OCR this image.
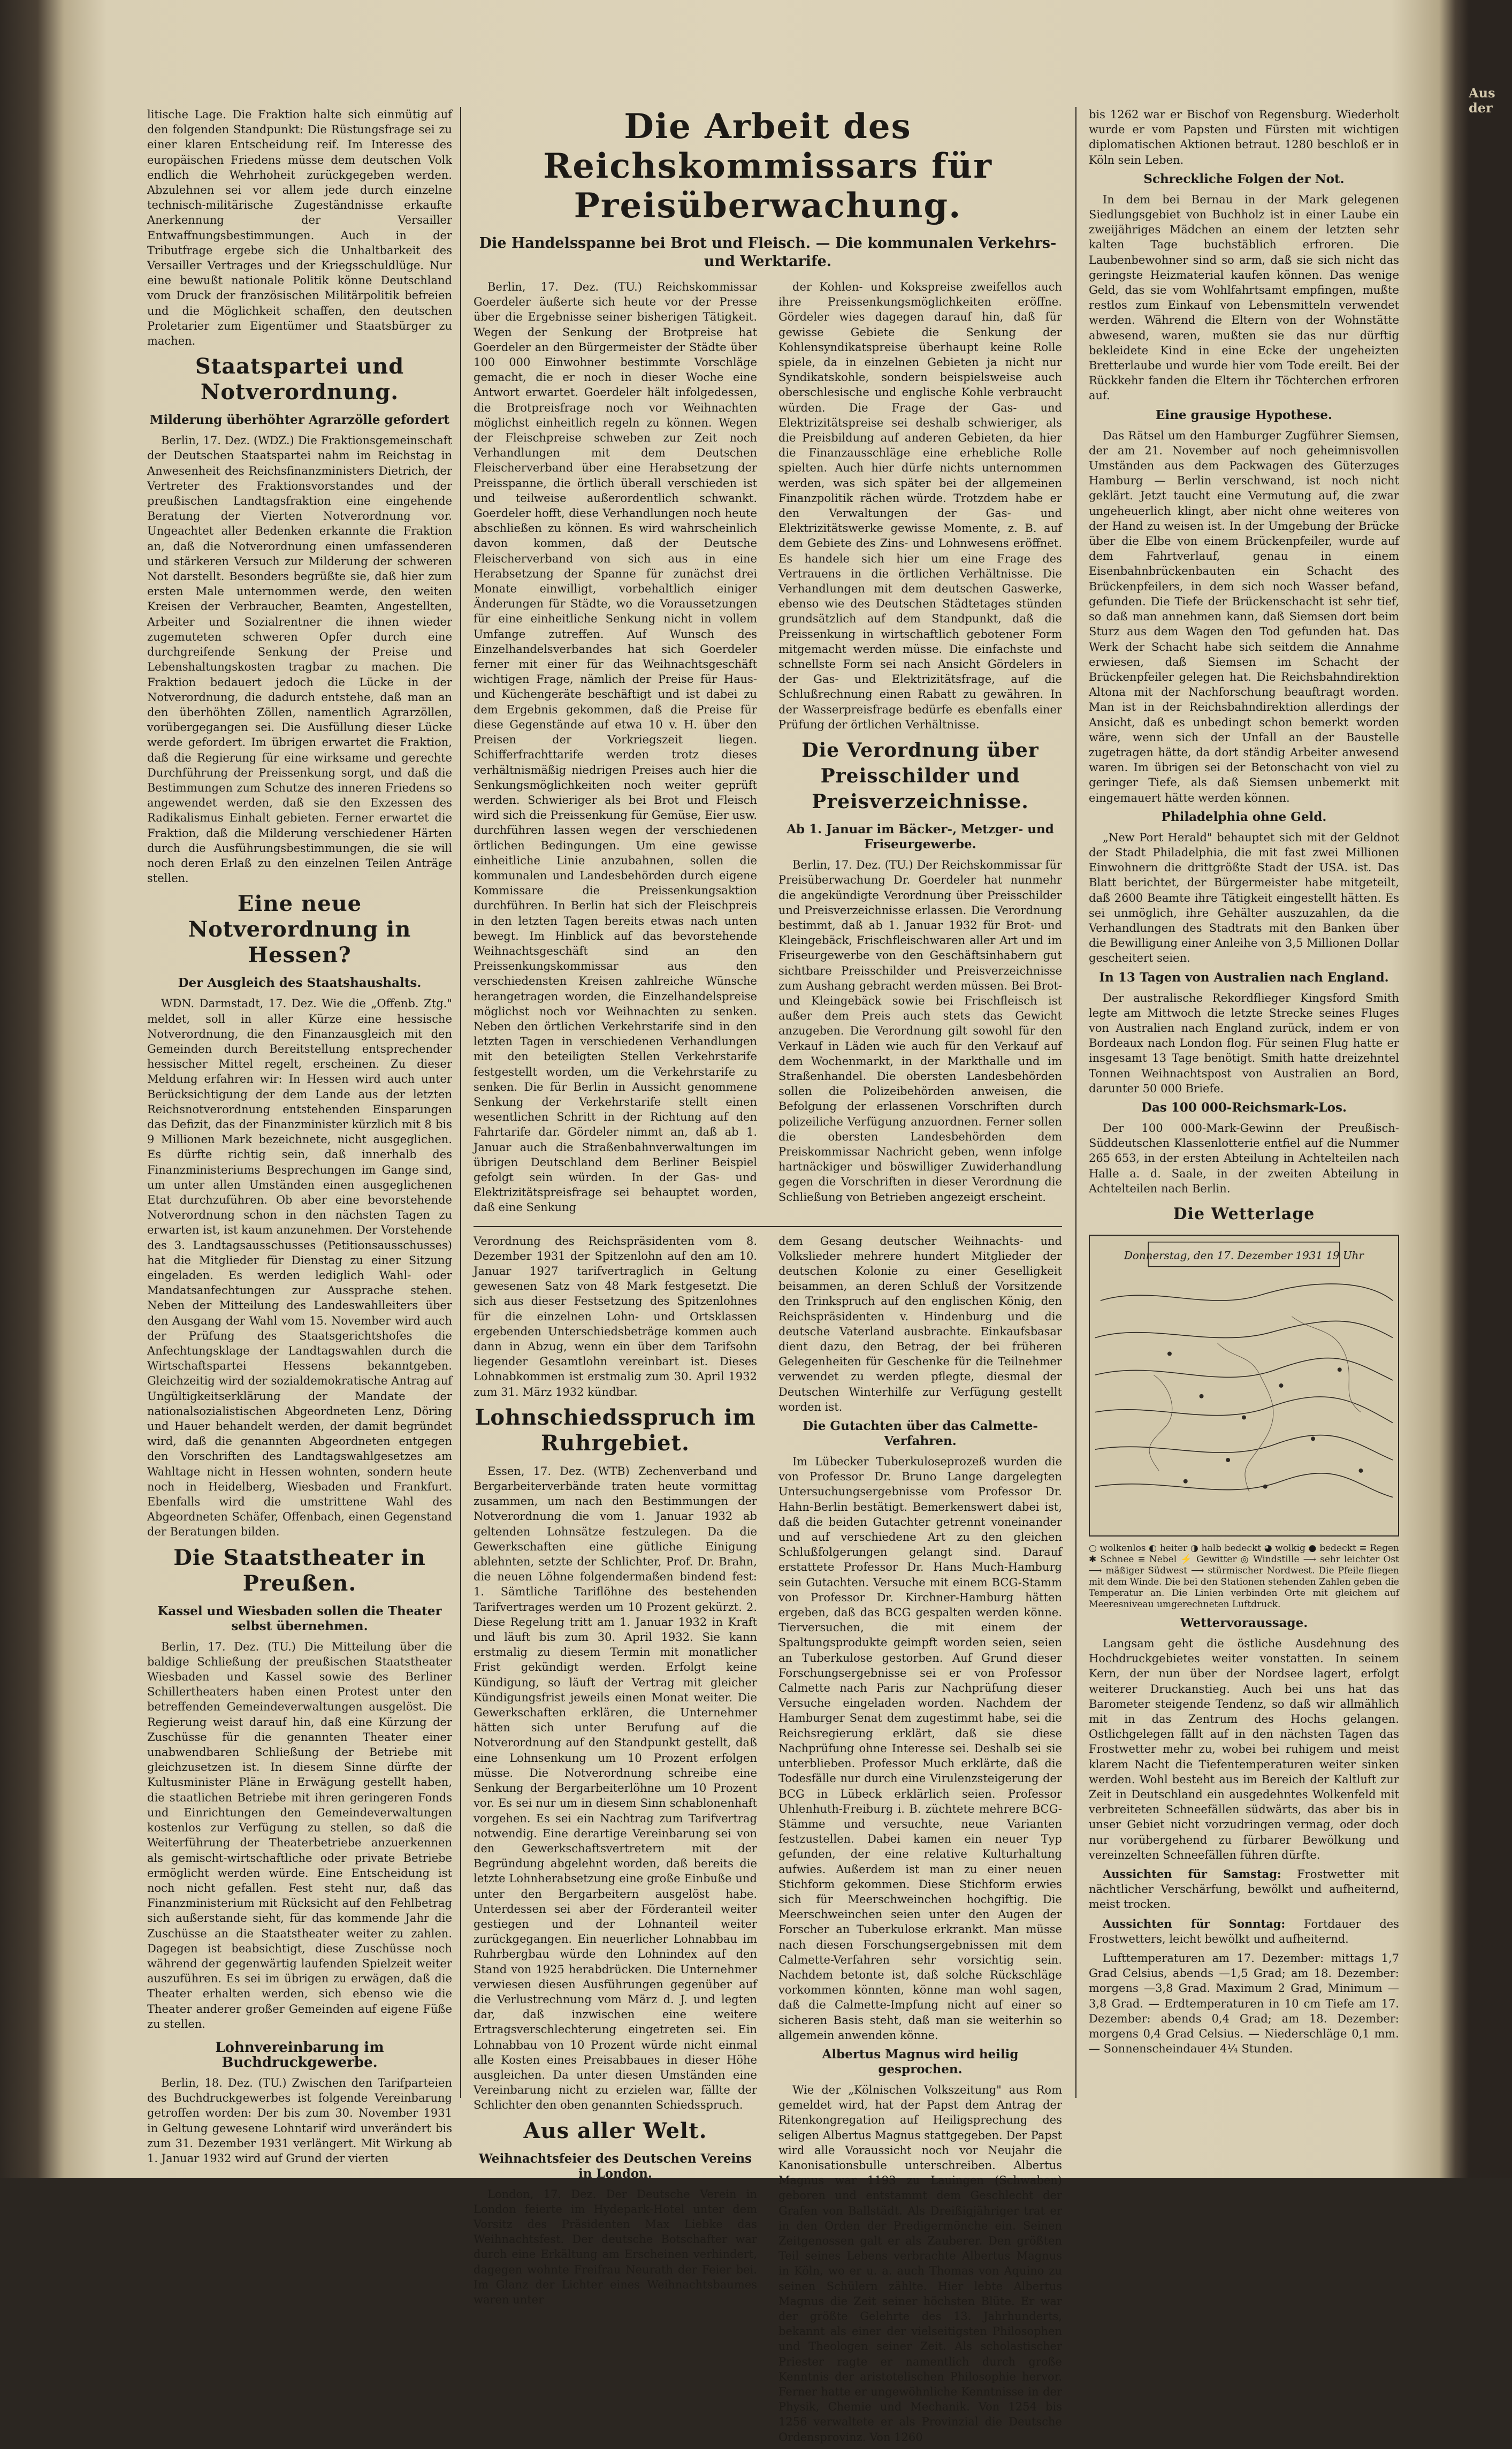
litische Lage. Die Fraktion halte sich einmütig auf den folgenden Standpunkt: Die Rüstungsfrage sei zu einer klaren Entscheidung reif. Im Interesse des europäischen Friedens müsse dem deutschen Volk endlich die Wehrhoheit zurückgegeben werden. Abzulehnen sei vor allem jede durch einzelne technisch-militärische Zugeständnisse erkaufte Anerkennung der Versailler Entwaffnungsbestimmungen. Auch in der Tributfrage ergebe sich die Unhaltbarkeit des Versailler Vertrages und der Kriegsschuldlüge. Nur eine bewußt nationale Politik könne Deutschland vom Druck der französischen Militärpolitik befreien und die Möglichkeit schaffen, den deutschen Proletarier zum Eigentümer und Staatsbürger zu machen.

Staatspartei und Notverordnung.
Milderung überhöhter Agrarzölle gefordert

Berlin, 17. Dez. (WDZ.) Die Fraktionsgemeinschaft der Deutschen Staatspartei nahm im Reichstag in Anwesenheit des Reichsfinanzministers Dietrich, der Vertreter des Fraktionsvorstandes und der preußischen Landtagsfraktion eine eingehende Beratung der Vierten Notverordnung vor. Ungeachtet aller Bedenken erkannte die Fraktion an, daß die Notverordnung einen umfassenderen und stärkeren Versuch zur Milderung der schweren Not darstellt. Besonders begrüßte sie, daß hier zum ersten Male unternommen werde, den weiten Kreisen der Verbraucher, Beamten, Angestellten, Arbeiter und Sozialrentner die ihnen wieder zugemuteten schweren Opfer durch eine durchgreifende Senkung der Preise und Lebenshaltungskosten tragbar zu machen. Die Fraktion bedauert jedoch die Lücke in der Notverordnung, die dadurch entstehe, daß man an den überhöhten Zöllen, namentlich Agrarzöllen, vorübergegangen sei. Die Ausfüllung dieser Lücke werde gefordert. Im übrigen erwartet die Fraktion, daß die Regierung für eine wirksame und gerechte Durchführung der Preissenkung sorgt, und daß die Bestimmungen zum Schutze des inneren Friedens so angewendet werden, daß sie den Exzessen des Radikalismus Einhalt gebieten. Ferner erwartet die Fraktion, daß die Milderung verschiedener Härten durch die Ausführungsbestimmungen, die sie will noch deren Erlaß zu den einzelnen Teilen Anträge stellen.

Eine neue Notverordnung in Hessen?
Der Ausgleich des Staatshaushalts.

WDN. Darmstadt, 17. Dez. Wie die „Offenb. Ztg." meldet, soll in aller Kürze eine hessische Notverordnung, die den Finanzausgleich mit den Gemeinden durch Bereitstellung entsprechender hessischer Mittel regelt, erscheinen. Zu dieser Meldung erfahren wir: In Hessen wird auch unter Berücksichtigung der dem Lande aus der letzten Reichsnotverordnung entstehenden Einsparungen das Defizit, das der Finanzminister kürzlich mit 8 bis 9 Millionen Mark bezeichnete, nicht ausgeglichen. Es dürfte richtig sein, daß innerhalb des Finanzministeriums Besprechungen im Gange sind, um unter allen Umständen einen ausgeglichenen Etat durchzuführen. Ob aber eine bevorstehende Notverordnung schon in den nächsten Tagen zu erwarten ist, ist kaum anzunehmen. Der Vorstehende des 3. Landtagsausschusses (Petitionsausschusses) hat die Mitglieder für Dienstag zu einer Sitzung eingeladen. Es werden lediglich Wahl- oder Mandatsanfechtungen zur Aussprache stehen. Neben der Mitteilung des Landeswahlleiters über den Ausgang der Wahl vom 15. November wird auch der Prüfung des Staatsgerichtshofes die Anfechtungsklage der Landtagswahlen durch die Wirtschaftspartei Hessens bekanntgeben. Gleichzeitig wird der sozialdemokratische Antrag auf Ungültigkeitserklärung der Mandate der nationalsozialistischen Abgeordneten Lenz, Döring und Hauer behandelt werden, der damit begründet wird, daß die genannten Abgeordneten entgegen den Vorschriften des Landtagswahlgesetzes am Wahltage nicht in Hessen wohnten, sondern heute noch in Heidelberg, Wiesbaden und Frankfurt. Ebenfalls wird die umstrittene Wahl des Abgeordneten Schäfer, Offenbach, einen Gegenstand der Beratungen bilden.

Die Staatstheater in Preußen.
Kassel und Wiesbaden sollen die Theater selbst übernehmen.

Berlin, 17. Dez. (TU.) Die Mitteilung über die baldige Schließung der preußischen Staatstheater Wiesbaden und Kassel sowie des Berliner Schillertheaters haben einen Protest unter den betreffenden Gemeindeverwaltungen ausgelöst. Die Regierung weist darauf hin, daß eine Kürzung der Zuschüsse für die genannten Theater einer unabwendbaren Schließung der Betriebe mit gleichzusetzen ist. In diesem Sinne dürfte der Kultusminister Pläne in Erwägung gestellt haben, die staatlichen Betriebe mit ihren geringeren Fonds und Einrichtungen den Gemeindeverwaltungen kostenlos zur Verfügung zu stellen, so daß die Weiterführung der Theaterbetriebe anzuerkennen als gemischt-wirtschaftliche oder private Betriebe ermöglicht werden würde. Eine Entscheidung ist noch nicht gefallen. Fest steht nur, daß das Finanzministerium mit Rücksicht auf den Fehlbetrag sich außerstande sieht, für das kommende Jahr die Zuschüsse an die Staatstheater weiter zu zahlen. Dagegen ist beabsichtigt, diese Zuschüsse noch während der gegenwärtig laufenden Spielzeit weiter auszuführen. Es sei im übrigen zu erwägen, daß die Theater erhalten werden, sich ebenso wie die Theater anderer großer Gemeinden auf eigene Füße zu stellen.

Lohnvereinbarung im Buchdruckgewerbe.

Berlin, 18. Dez. (TU.) Zwischen den Tarifparteien des Buchdruckgewerbes ist folgende Vereinbarung getroffen worden: Der bis zum 30. November 1931 in Geltung gewesene Lohntarif wird unverändert bis zum 31. Dezember 1931 verlängert. Mit Wirkung ab 1. Januar 1932 wird auf Grund der vierten

Die Arbeit des Reichskommissars für Preisüberwachung.
Die Handelsspanne bei Brot und Fleisch. — Die kommunalen Verkehrs- und Werktarife.

Berlin, 17. Dez. (TU.) Reichskommissar Goerdeler äußerte sich heute vor der Presse über die Ergebnisse seiner bisherigen Tätigkeit. Wegen der Senkung der Brotpreise hat Goerdeler an den Bürgermeister der Städte über 100 000 Einwohner bestimmte Vorschläge gemacht, die er noch in dieser Woche eine Antwort erwartet. Goerdeler hält infolgedessen, die Brotpreisfrage noch vor Weihnachten möglichst einheitlich regeln zu können. Wegen der Fleischpreise schweben zur Zeit noch Verhandlungen mit dem Deutschen Fleischerverband über eine Herabsetzung der Preisspanne, die örtlich überall verschieden ist und teilweise außerordentlich schwankt. Goerdeler hofft, diese Verhandlungen noch heute abschließen zu können. Es wird wahrscheinlich davon kommen, daß der Deutsche Fleischerverband von sich aus in eine Herabsetzung der Spanne für zunächst drei Monate einwilligt, vorbehaltlich einiger Änderungen für Städte, wo die Voraussetzungen für eine einheitliche Senkung nicht in vollem Umfange zutreffen. Auf Wunsch des Einzelhandelsverbandes hat sich Goerdeler ferner mit einer für das Weihnachtsgeschäft wichtigen Frage, nämlich der Preise für Haus- und Küchengeräte beschäftigt und ist dabei zu dem Ergebnis gekommen, daß die Preise für diese Gegenstände auf etwa 10 v. H. über den Preisen der Vorkriegszeit liegen. Schifferfrachttarife werden trotz dieses verhältnismäßig niedrigen Preises auch hier die Senkungsmöglichkeiten noch weiter geprüft werden. Schwieriger als bei Brot und Fleisch wird sich die Preissenkung für Gemüse, Eier usw. durchführen lassen wegen der verschiedenen örtlichen Bedingungen. Um eine gewisse einheitliche Linie anzubahnen, sollen die kommunalen und Landesbehörden durch eigene Kommissare die Preissenkungsaktion durchführen. In Berlin hat sich der Fleischpreis in den letzten Tagen bereits etwas nach unten bewegt. Im Hinblick auf das bevorstehende Weihnachtsgeschäft sind an den Preissenkungskommissar aus den verschiedensten Kreisen zahlreiche Wünsche herangetragen worden, die Einzelhandelspreise möglichst noch vor Weihnachten zu senken. Neben den örtlichen Verkehrstarife sind in den letzten Tagen in verschiedenen Verhandlungen mit den beteiligten Stellen Verkehrstarife festgestellt worden, um die Verkehrstarife zu senken. Die für Berlin in Aussicht genommene Senkung der Verkehrstarife stellt einen wesentlichen Schritt in der Richtung auf den Fahrtarife dar. Gördeler nimmt an, daß ab 1. Januar auch die Straßenbahnverwaltungen im übrigen Deutschland dem Berliner Beispiel gefolgt sein würden. In der Gas- und Elektrizitätspreisfrage sei behauptet worden, daß eine Senkung

der Kohlen- und Kokspreise zweifellos auch ihre Preissenkungsmöglichkeiten eröffne. Gördeler wies dagegen darauf hin, daß für gewisse Gebiete die Senkung der Kohlensyndikatspreise überhaupt keine Rolle spiele, da in einzelnen Gebieten ja nicht nur Syndikatskohle, sondern beispielsweise auch oberschlesische und englische Kohle verbraucht würden. Die Frage der Gas- und Elektrizitätspreise sei deshalb schwieriger, als die Preisbildung auf anderen Gebieten, da hier die Finanzausschläge eine erhebliche Rolle spielten. Auch hier dürfe nichts unternommen werden, was sich später bei der allgemeinen Finanzpolitik rächen würde. Trotzdem habe er den Verwaltungen der Gas- und Elektrizitätswerke gewisse Momente, z. B. auf dem Gebiete des Zins- und Lohnwesens eröffnet. Es handele sich hier um eine Frage des Vertrauens in die örtlichen Verhältnisse. Die Verhandlungen mit dem deutschen Gaswerke, ebenso wie des Deutschen Städtetages stünden grundsätzlich auf dem Standpunkt, daß die Preissenkung in wirtschaftlich gebotener Form mitgemacht werden müsse. Die einfachste und schnellste Form sei nach Ansicht Gördelers in der Gas- und Elektrizitätsfrage, auf die Schlußrechnung einen Rabatt zu gewähren. In der Wasserpreisfrage bedürfe es ebenfalls einer Prüfung der örtlichen Verhältnisse.

Die Verordnung über Preisschilder und Preisverzeichnisse.
Ab 1. Januar im Bäcker-, Metzger- und Friseurgewerbe.

Berlin, 17. Dez. (TU.) Der Reichskommissar für Preisüberwachung Dr. Goerdeler hat nunmehr die angekündigte Verordnung über Preisschilder und Preisverzeichnisse erlassen. Die Verordnung bestimmt, daß ab 1. Januar 1932 für Brot- und Kleingebäck, Frischfleischwaren aller Art und im Friseurgewerbe von den Geschäftsinhabern gut sichtbare Preisschilder und Preisverzeichnisse zum Aushang gebracht werden müssen. Bei Brot- und Kleingebäck sowie bei Frischfleisch ist außer dem Preis auch stets das Gewicht anzugeben. Die Verordnung gilt sowohl für den Verkauf in Läden wie auch für den Verkauf auf dem Wochenmarkt, in der Markthalle und im Straßenhandel. Die obersten Landesbehörden sollen die Polizeibehörden anweisen, die Befolgung der erlassenen Vorschriften durch polizeiliche Verfügung anzuordnen. Ferner sollen die obersten Landesbehörden dem Preiskommissar Nachricht geben, wenn infolge hartnäckiger und böswilliger Zuwiderhandlung gegen die Vorschriften in dieser Verordnung die Schließung von Betrieben angezeigt erscheint.

Verordnung des Reichspräsidenten vom 8. Dezember 1931 der Spitzenlohn auf den am 10. Januar 1927 tarifvertraglich in Geltung gewesenen Satz von 48 Mark festgesetzt. Die sich aus dieser Festsetzung des Spitzenlohnes für die einzelnen Lohn- und Ortsklassen ergebenden Unterschiedsbeträge kommen auch dann in Abzug, wenn ein über dem Tarifsohn liegender Gesamtlohn vereinbart ist. Dieses Lohnabkommen ist erstmalig zum 30. April 1932 zum 31. März 1932 kündbar.

Lohnschiedsspruch im Ruhrgebiet.

Essen, 17. Dez. (WTB) Zechenverband und Bergarbeiterverbände traten heute vormittag zusammen, um nach den Bestimmungen der Notverordnung die vom 1. Januar 1932 ab geltenden Lohnsätze festzulegen. Da die Gewerkschaften eine gütliche Einigung ablehnten, setzte der Schlichter, Prof. Dr. Brahn, die neuen Löhne folgendermaßen bindend fest: 1. Sämtliche Tariflöhne des bestehenden Tarifvertrages werden um 10 Prozent gekürzt. 2. Diese Regelung tritt am 1. Januar 1932 in Kraft und läuft bis zum 30. April 1932. Sie kann erstmalig zu diesem Termin mit monatlicher Frist gekündigt werden. Erfolgt keine Kündigung, so läuft der Vertrag mit gleicher Kündigungsfrist jeweils einen Monat weiter. Die Gewerkschaften erklären, die Unternehmer hätten sich unter Berufung auf die Notverordnung auf den Standpunkt gestellt, daß eine Lohnsenkung um 10 Prozent erfolgen müsse. Die Notverordnung schreibe eine Senkung der Bergarbeiterlöhne um 10 Prozent vor. Es sei nur um in diesem Sinn schablonenhaft vorgehen. Es sei ein Nachtrag zum Tarifvertrag notwendig. Eine derartige Vereinbarung sei von den Gewerkschaftsvertretern mit der Begründung abgelehnt worden, daß bereits die letzte Lohnherabsetzung eine große Einbuße und unter den Bergarbeitern ausgelöst habe. Unterdessen sei aber der Förderanteil weiter gestiegen und der Lohnanteil weiter zurückgegangen. Ein neuerlicher Lohnabbau im Ruhrbergbau würde den Lohnindex auf den Stand von 1925 herabdrücken. Die Unternehmer verwiesen diesen Ausführungen gegenüber auf die Verlustrechnung vom März d. J. und legten dar, daß inzwischen eine weitere Ertragsverschlechterung eingetreten sei. Ein Lohnabbau von 10 Prozent würde nicht einmal alle Kosten eines Preisabbaues in dieser Höhe ausgleichen. Da unter diesen Umständen eine Vereinbarung nicht zu erzielen war, fällte der Schlichter den oben genannten Schiedsspruch.

Aus aller Welt.
Weihnachtsfeier des Deutschen Vereins in London.

London, 17. Dez. Der Deutsche Verein in London feierte im Hydepark-Hotel unter dem Vorsitz des Präsidenten Max Liebke das Weihnachtsfest. Der deutsche Botschafter war durch eine Erkältung am Erscheinen verhindert, dagegen wohnte Freifrau Neurath der Feier bei. Im Glanz der Lichter eines Weihnachtsbaumes waren unter

dem Gesang deutscher Weihnachts- und Volkslieder mehrere hundert Mitglieder der deutschen Kolonie zu einer Geselligkeit beisammen, an deren Schluß der Vorsitzende den Trinkspruch auf den englischen König, den Reichspräsidenten v. Hindenburg und die deutsche Vaterland ausbrachte. Einkaufsbasar dient dazu, den Betrag, der bei früheren Gelegenheiten für Geschenke für die Teilnehmer verwendet zu werden pflegte, diesmal der Deutschen Winterhilfe zur Verfügung gestellt worden ist.

Die Gutachten über das Calmette-Verfahren.

Im Lübecker Tuberkuloseprozeß wurden die von Professor Dr. Bruno Lange dargelegten Untersuchungsergebnisse vom Professor Dr. Hahn-Berlin bestätigt. Bemerkenswert dabei ist, daß die beiden Gutachter getrennt voneinander und auf verschiedene Art zu den gleichen Schlußfolgerungen gelangt sind. Darauf erstattete Professor Dr. Hans Much-Hamburg sein Gutachten. Versuche mit einem BCG-Stamm von Professor Dr. Kirchner-Hamburg hätten ergeben, daß das BCG gespalten werden könne. Tierversuchen, die mit einem der Spaltungsprodukte geimpft worden seien, seien an Tuberkulose gestorben. Auf Grund dieser Forschungsergebnisse sei er von Professor Calmette nach Paris zur Nachprüfung dieser Versuche eingeladen worden. Nachdem der Hamburger Senat dem zugestimmt habe, sei die Reichsregierung erklärt, daß sie diese Nachprüfung ohne Interesse sei. Deshalb sei sie unterblieben. Professor Much erklärte, daß die Todesfälle nur durch eine Virulenzsteigerung der BCG in Lübeck erklärlich seien. Professor Uhlenhuth-Freiburg i. B. züchtete mehrere BCG-Stämme und versuchte, neue Varianten festzustellen. Dabei kamen ein neuer Typ gefunden, der eine relative Kulturhaltung aufwies. Außerdem ist man zu einer neuen Stichform gekommen. Diese Stichform erwies sich für Meerschweinchen hochgiftig. Die Meerschweinchen seien unter den Augen der Forscher an Tuberkulose erkrankt. Man müsse nach diesen Forschungsergebnissen mit dem Calmette-Verfahren sehr vorsichtig sein. Nachdem betonte ist, daß solche Rückschläge vorkommen könnten, könne man wohl sagen, daß die Calmette-Impfung nicht auf einer so sicheren Basis steht, daß man sie weiterhin so allgemein anwenden könne.

Albertus Magnus wird heilig gesprochen.

Wie der „Kölnischen Volkszeitung" aus Rom gemeldet wird, hat der Papst dem Antrag der Ritenkongregation auf Heiligsprechung des seligen Albertus Magnus stattgegeben. Der Papst wird alle Voraussicht noch vor Neujahr die Kanonisationsbulle unterschreiben. Albertus Magnus war 1193 zu Lauingen (Schwaben) geboren und entstammt dem Geschlecht der Grafen von Ballstädt. Als Dreißigjähriger trat er in den Orden der Predigermönche ein. Seinen Zeitgenossen galt er als Zauberer. Den größten Teil seines Lebens verbrachte Albertus Magnus in Köln, wo er u. a. auch Thomas von Aquino zu seinen Schülern zählte. Hier lebte Albertus Magnus die Zeit seiner höchsten Blüte. Er war der größte Gelehrte des 13. Jahrhunderts, bekannt als einer der vielseitigsten Philosophen und Theologen seiner Zeit. Als scholastischer Priester ragte er namentlich durch große Kenntnis der aristotelischen Philosophie hervor. Ferner hatte er ungewöhnliche Kenntnisse in der Physik, Chemie und Mechanik. Von 1254 bis 1256 verwaltete er als Provinzial die Deutsche Ordensprovinz. Von 1260

bis 1262 war er Bischof von Regensburg. Wiederholt wurde er vom Papsten und Fürsten mit wichtigen diplomatischen Aktionen betraut. 1280 beschloß er in Köln sein Leben.

Schreckliche Folgen der Not.

In dem bei Bernau in der Mark gelegenen Siedlungsgebiet von Buchholz ist in einer Laube ein zweijähriges Mädchen an einem der letzten sehr kalten Tage buchstäblich erfroren. Die Laubenbewohner sind so arm, daß sie sich nicht das geringste Heizmaterial kaufen können. Das wenige Geld, das sie vom Wohlfahrtsamt empfingen, mußte restlos zum Einkauf von Lebensmitteln verwendet werden. Während die Eltern von der Wohnstätte abwesend, waren, mußten sie das nur dürftig bekleidete Kind in eine Ecke der ungeheizten Bretterlaube und wurde hier vom Tode ereilt. Bei der Rückkehr fanden die Eltern ihr Töchterchen erfroren auf.

Eine grausige Hypothese.

Das Rätsel um den Hamburger Zugführer Siemsen, der am 21. November auf noch geheimnisvollen Umständen aus dem Packwagen des Güterzuges Hamburg — Berlin verschwand, ist noch nicht geklärt. Jetzt taucht eine Vermutung auf, die zwar ungeheuerlich klingt, aber nicht ohne weiteres von der Hand zu weisen ist. In der Umgebung der Brücke über die Elbe von einem Brückenpfeiler, wurde auf dem Fahrtverlauf, genau in einem Eisenbahnbrückenbauten ein Schacht des Brückenpfeilers, in dem sich noch Wasser befand, gefunden. Die Tiefe der Brückenschacht ist sehr tief, so daß man annehmen kann, daß Siemsen dort beim Sturz aus dem Wagen den Tod gefunden hat. Das Werk der Schacht habe sich seitdem die Annahme erwiesen, daß Siemsen im Schacht der Brückenpfeiler gelegen hat. Die Reichsbahndirektion Altona mit der Nachforschung beauftragt worden. Man ist in der Reichsbahndirektion allerdings der Ansicht, daß es unbedingt schon bemerkt worden wäre, wenn sich der Unfall an der Baustelle zugetragen hätte, da dort ständig Arbeiter anwesend waren. Im übrigen sei der Betonschacht von viel zu geringer Tiefe, als daß Siemsen unbemerkt mit eingemauert hätte werden können.

Philadelphia ohne Geld.

„New Port Herald" behauptet sich mit der Geldnot der Stadt Philadelphia, die mit fast zwei Millionen Einwohnern die drittgrößte Stadt der USA. ist. Das Blatt berichtet, der Bürgermeister habe mitgeteilt, daß 2600 Beamte ihre Tätigkeit eingestellt hätten. Es sei unmöglich, ihre Gehälter auszuzahlen, da die Verhandlungen des Stadtrats mit den Banken über die Bewilligung einer Anleihe von 3,5 Millionen Dollar gescheitert seien.

In 13 Tagen von Australien nach England.

Der australische Rekordflieger Kingsford Smith legte am Mittwoch die letzte Strecke seines Fluges von Australien nach England zurück, indem er von Bordeaux nach London flog. Für seinen Flug hatte er insgesamt 13 Tage benötigt. Smith hatte dreizehntel Tonnen Weihnachtspost von Australien an Bord, darunter 50 000 Briefe.

Das 100 000-Reichsmark-Los.

Der 100 000-Mark-Gewinn der Preußisch-Süddeutschen Klassenlotterie entfiel auf die Nummer 265 653, in der ersten Abteilung in Achtelteilen nach Halle a. d. Saale, in der zweiten Abteilung in Achtelteilen nach Berlin.

Die Wetterlage
Donnerstag, den 17. Dezember 1931 19 Uhr
○ wolkenlos ◐ heiter ◑ halb bedeckt ◕ wolkig ● bedeckt ≡ Regen ✱ Schnee ≡ Nebel ⚡ Gewitter ◎ Windstille ⟶ sehr leichter Ost ⟶ mäßiger Südwest ⟶ stürmischer Nordwest. Die Pfeile fliegen mit dem Winde. Die bei den Stationen stehenden Zahlen geben die Temperatur an. Die Linien verbinden Orte mit gleichem auf Meeresniveau umgerechneten Luftdruck.
Wettervoraussage.

Langsam geht die östliche Ausdehnung des Hochdruckgebietes weiter vonstatten. In seinem Kern, der nun über der Nordsee lagert, erfolgt weiterer Druckanstieg. Auch bei uns hat das Barometer steigende Tendenz, so daß wir allmählich mit in das Zentrum des Hochs gelangen. Ostlichgelegen fällt auf in den nächsten Tagen das Frostwetter mehr zu, wobei bei ruhigem und meist klarem Nacht die Tiefentemperaturen weiter sinken werden. Wohl besteht aus im Bereich der Kaltluft zur Zeit in Deutschland ein ausgedehntes Wolkenfeld mit verbreiteten Schneefällen südwärts, das aber bis in unser Gebiet nicht vorzudringen vermag, oder doch nur vorübergehend zu fürbarer Bewölkung und vereinzelten Schneefällen führen dürfte.

Aussichten für Samstag: Frostwetter mit nächtlicher Verschärfung, bewölkt und aufheiternd, meist trocken.

Aussichten für Sonntag: Fortdauer des Frostwetters, leicht bewölkt und aufheiternd.

Lufttemperaturen am 17. Dezember: mittags 1,7 Grad Celsius, abends —1,5 Grad; am 18. Dezember: morgens —3,8 Grad. Maximum 2 Grad, Minimum —3,8 Grad. — Erdtemperaturen in 10 cm Tiefe am 17. Dezember: abends 0,4 Grad; am 18. Dezember: morgens 0,4 Grad Celsius. — Niederschläge 0,1 mm. — Sonnenscheindauer 4¼ Stunden.

Aus der
